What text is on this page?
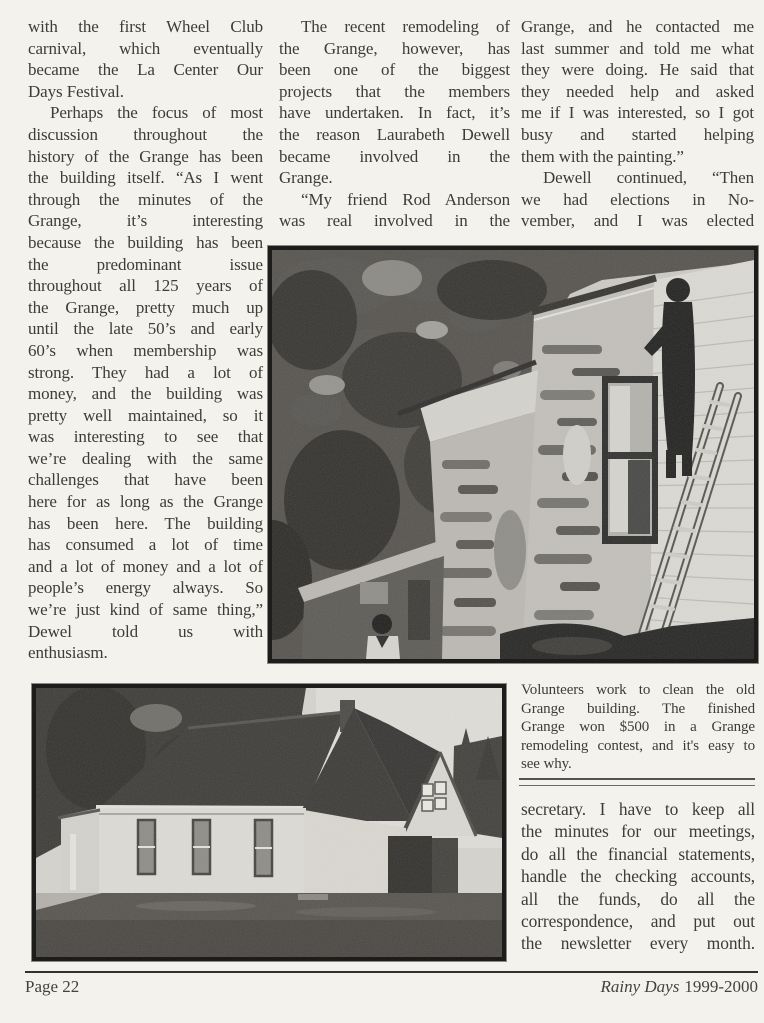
with the first Wheel Club
carnival, which eventually
became the La Center Our
Days Festival.
Perhaps the focus of most
discussion throughout the
history of the Grange has been
the building itself. “As I went
through the minutes of the
Grange, it’s interesting
because the building has been
the predominant issue
throughout all 125 years of
the Grange, pretty much up
until the late 50’s and early
60’s when membership was
strong. They had a lot of
money, and the building was
pretty well maintained, so it
was interesting to see that
we’re dealing with the same
challenges that have been
here for as long as the Grange
has been here. The building
has consumed a lot of time
and a lot of money and a lot of
people’s energy always. So
we’re just kind of same thing,”
Dewel told us with
enthusiasm.
The recent remodeling of
the Grange, however, has
been one of the biggest
projects that the members
have undertaken. In fact, it’s
the reason Laurabeth Dewell
became involved in the
Grange.
“My friend Rod Anderson
was real involved in the
Grange, and he contacted me
last summer and told me what
they were doing. He said that
they needed help and asked
me if I was interested, so I got
busy and started helping
them with the painting.”
Dewell continued, “Then
we had elections in No-
vember, and I was elected
Volunteers work to clean the old
Grange building. The finished
Grange won $500 in a Grange
remodeling contest, and it's easy to
see why.
secretary. I have to keep all
the minutes for our meetings,
do all the financial statements,
handle the checking accounts,
all the funds, do all the
correspondence, and put out
the newsletter every month.
Page 22	Rainy Days 1999-2000
